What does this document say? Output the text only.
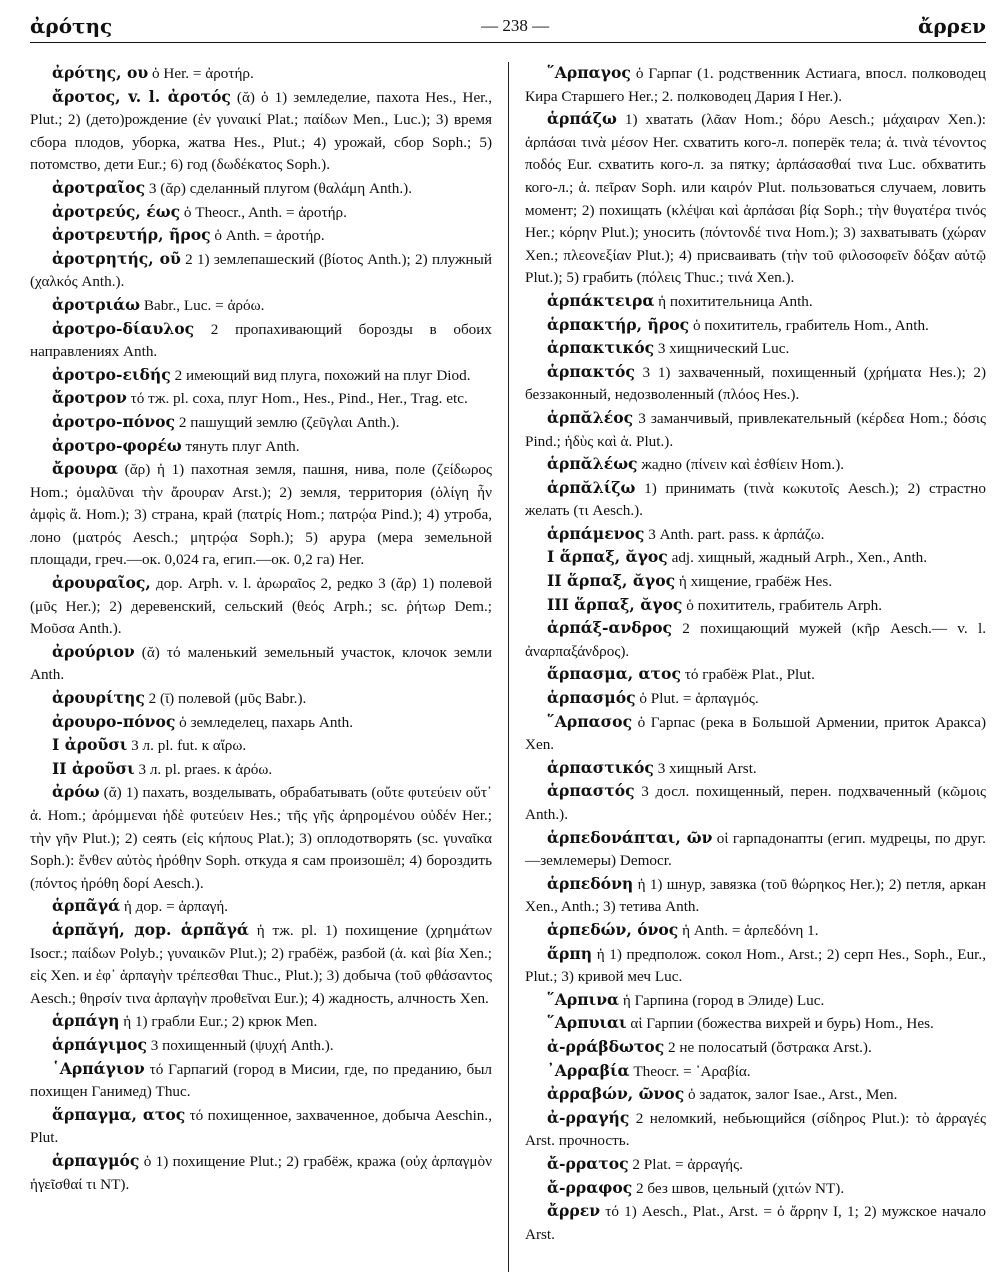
ἀρότης	— 238 —	ἄρρεν

ἀρότης, ου ὁ Her. = ἀροτήρ.

ἄροτος, v. l. ἀροτός (ᾰ) ὁ 1) земледелие, пахота Hes., Her., Plut.; 2) (дето)рождение (ἐν γυναικί Plat.; παίδων Men., Luc.); 3) время сбора плодов, уборка, жатва Hes., Plut.; 4) урожай, сбор Soph.; 5) потомство, дети Eur.; 6) год (δωδέκατος Soph.).

ἀροτραῖος 3 (ᾰρ) сделанный плугом (θαλάμη Anth.).

ἀροτρεύς, έως ὁ Theocr., Anth. = ἀροτήρ.

ἀροτρευτήρ, ῆρος ὁ Anth. = ἀροτήρ.

ἀροτρητής, οῦ 2 1) землепашеский (βίοτος Anth.); 2) плужный (χαλκός Anth.).

ἀροτριάω Babr., Luc. = ἀρόω.

ἀροτρο-δίαυλος 2 пропахивающий борозды в обоих направлениях Anth.

ἀροτρο-ειδής 2 имеющий вид плуга, похожий на плуг Diod.

ἄροτρον τό тж. pl. соха, плуг Hom., Hes., Pind., Her., Trag. etc.

ἀροτρο-πόνος 2 пашущий землю (ζεῦγλαι Anth.).

ἀροτρο-φορέω тянуть плуг Anth.

ἄρουρα (ᾰρ) ἡ 1) пахотная земля, пашня, нива, поле (ζείδωρος Hom.; ὁμαλῦναι τὴν ἄρουραν Arst.); 2) земля, территория (ὀλίγη ἦν ἀμφὶς ἄ. Hom.); 3) страна, край (πατρίς Hom.; πατρῴα Pind.); 4) утроба, лоно (ματρός Aesch.; μητρῴα Soph.); 5) арура (мера земельной площади, греч.—ок. 0,024 га, егип.—ок. 0,2 га) Her.

ἀρουραῖος, дор. Arph. v. l. ἀρωραῖος 2, редко 3 (ᾰρ) 1) полевой (μῦς Her.); 2) деревенский, сельский (θεός Arph.; sc. ῥήτωρ Dem.; Μοῦσα Anth.).

ἀρούριον (ᾰ) τό маленький земельный участок, клочок земли Anth.

ἀρουρίτης 2 (ῑ) полевой (μῦς Babr.).

ἀρουρο-πόνος ὁ земледелец, пахарь Anth.

I ἀροῦσι 3 л. pl. fut. к αἴρω.

II ἀροῦσι 3 л. pl. praes. к ἀρόω.

ἀρόω (ᾰ) 1) пахать, возделывать, обрабатывать (οὔτε φυτεύειν οὔτ᾽ ἀ. Hom.; ἀρόμμεναι ἠδὲ φυτεύειν Hes.; τῆς γῆς ἀρηρομένου οὐδέν Her.; τὴν γῆν Plut.); 2) сеять (εἰς κήπους Plat.); 3) оплодотворять (sc. γυναῖκα Soph.): ἔνθεν αὐτὸς ἠρόθην Soph. откуда я сам произошёл; 4) бороздить (πόντος ἠρόθη δορί Aesch.).

ἁρπᾶγά ἡ дор. = ἁρπαγή.

ἁρπᾰγή, дор. ἁρπᾶγά ἡ тж. pl. 1) похищение (χρημάτων Isocr.; παίδων Polyb.; γυναικῶν Plut.); 2) грабёж, разбой (ἁ. καὶ βία Xen.; εἰς Xen. и ἐφ᾽ ἁρπαγὴν τρέπεσθαι Thuc., Plut.); 3) добыча (τοῦ φθάσαντος Aesch.; θηρσίν τινα ἁρπαγὴν προθεῖναι Eur.); 4) жадность, алчность Xen.

ἁρπάγη ἡ 1) грабли Eur.; 2) крюк Men.

ἁρπάγιμος 3 похищенный (ψυχή Anth.).

῾Αρπάγιον τό Гарпагий (город в Мисии, где, по преданию, был похищен Ганимед) Thuc.

ἅρπαγμα, ατος τό похищенное, захваченное, добыча Aeschin., Plut.

ἁρπαγμός ὁ 1) похищение Plut.; 2) грабёж, кража (οὐχ ἁρπαγμὸν ἡγεῖσθαί τι NT).

῞Αρπαγος ὁ Гарпаг (1. родственник Астиага, впосл. полководец Кира Старшего Her.; 2. полководец Дария I Her.).

ἁρπάζω 1) хватать (λᾶαν Hom.; δόρυ Aesch.; μάχαιραν Xen.): ἁρπάσαι τινὰ μέσον Her. схватить кого-л. поперёк тела; ἁ. τινὰ τένοντος ποδός Eur. схватить кого-л. за пятку; ἁρπάσασθαί τινα Luc. обхватить кого-л.; ἁ. πεῖραν Soph. или καιρόν Plut. пользоваться случаем, ловить момент; 2) похищать (κλέψαι καὶ ἁρπάσαι βίᾳ Soph.; τὴν θυγατέρα τινός Her.; κόρην Plut.); уносить (πόντονδέ τινα Hom.); 3) захватывать (χώραν Xen.; πλεονεξίαν Plut.); 4) присваивать (τὴν τοῦ φιλοσοφεῖν δόξαν αὐτῷ Plut.); 5) грабить (πόλεις Thuc.; τινά Xen.).

ἁρπάκτειρα ἡ похитительница Anth.

ἁρπακτήρ, ῆρος ὁ похититель, грабитель Hom., Anth.

ἁρπακτικός 3 хищнический Luc.

ἁρπακτός 3 1) захваченный, похищенный (χρήματα Hes.); 2) беззаконный, недозволенный (πλόος Hes.).

ἁρπᾰλέος 3 заманчивый, привлекательный (κέρδεα Hom.; δόσις Pind.; ἡδὺς καὶ ἁ. Plut.).

ἁρπᾰλέως жадно (πίνειν καὶ ἐσθίειν Hom.).

ἁρπᾰλίζω 1) принимать (τινὰ κωκυτοῖς Aesch.); 2) страстно желать (τι Aesch.).

ἁρπάμενος 3 Anth. part. pass. к ἁρπάζω.

I ἅρπαξ, ᾰγος adj. хищный, жадный Arph., Xen., Anth.

II ἅρπαξ, ᾰγος ἡ хищение, грабёж Hes.

III ἅρπαξ, ᾰγος ὁ похититель, грабитель Arph.

ἁρπάξ-ανδρος 2 похищающий мужей (κῆρ Aesch.— v. l. ἀναρπαξάνδρος).

ἅρπασμα, ατος τό грабёж Plat., Plut.

ἁρπασμός ὁ Plut. = ἁρπαγμός.

῞Αρπασος ὁ Гарпас (река в Большой Армении, приток Аракса) Xen.

ἁρπαστικός 3 хищный Arst.

ἁρπαστός 3 досл. похищенный, перен. подхваченный (κῶμοις Anth.).

ἁρπεδονάπται, ῶν οἱ гарпадонапты (егип. мудрецы, по друг.—землемеры) Democr.

ἁρπεδόνη ἡ 1) шнур, завязка (τοῦ θώρηκος Her.); 2) петля, аркан Xen., Anth.; 3) тетива Anth.

ἁρπεδών, όνος ἡ Anth. = ἁρπεδόνη 1.

ἅρπη ἡ 1) предполож. сокол Hom., Arst.; 2) серп Hes., Soph., Eur., Plut.; 3) кривой меч Luc.

῞Αρπινα ἡ Гарпина (город в Элиде) Luc.

῞Αρπυιαι αἱ Гарпии (божества вихрей и бурь) Hom., Hes.

ἀ-ρράβδωτος 2 не полосатый (ὄστρακα Arst.).

᾿Αρραβία Theocr. = ᾿Αραβία.

ἀρραβών, ῶνος ὁ задаток, залог Isae., Arst., Men.

ἀ-ρραγής 2 неломкий, небьющийся (σίδηρος Plut.): τὸ ἀρραγές Arst. прочность.

ἄ-ρρατος 2 Plat. = ἀρραγής.

ἄ-ρραφος 2 без швов, цельный (χιτών NT).

ἄρρεν τό 1) Aesch., Plat., Arst. = ὁ ἄρρην I, 1; 2) мужское начало Arst.
